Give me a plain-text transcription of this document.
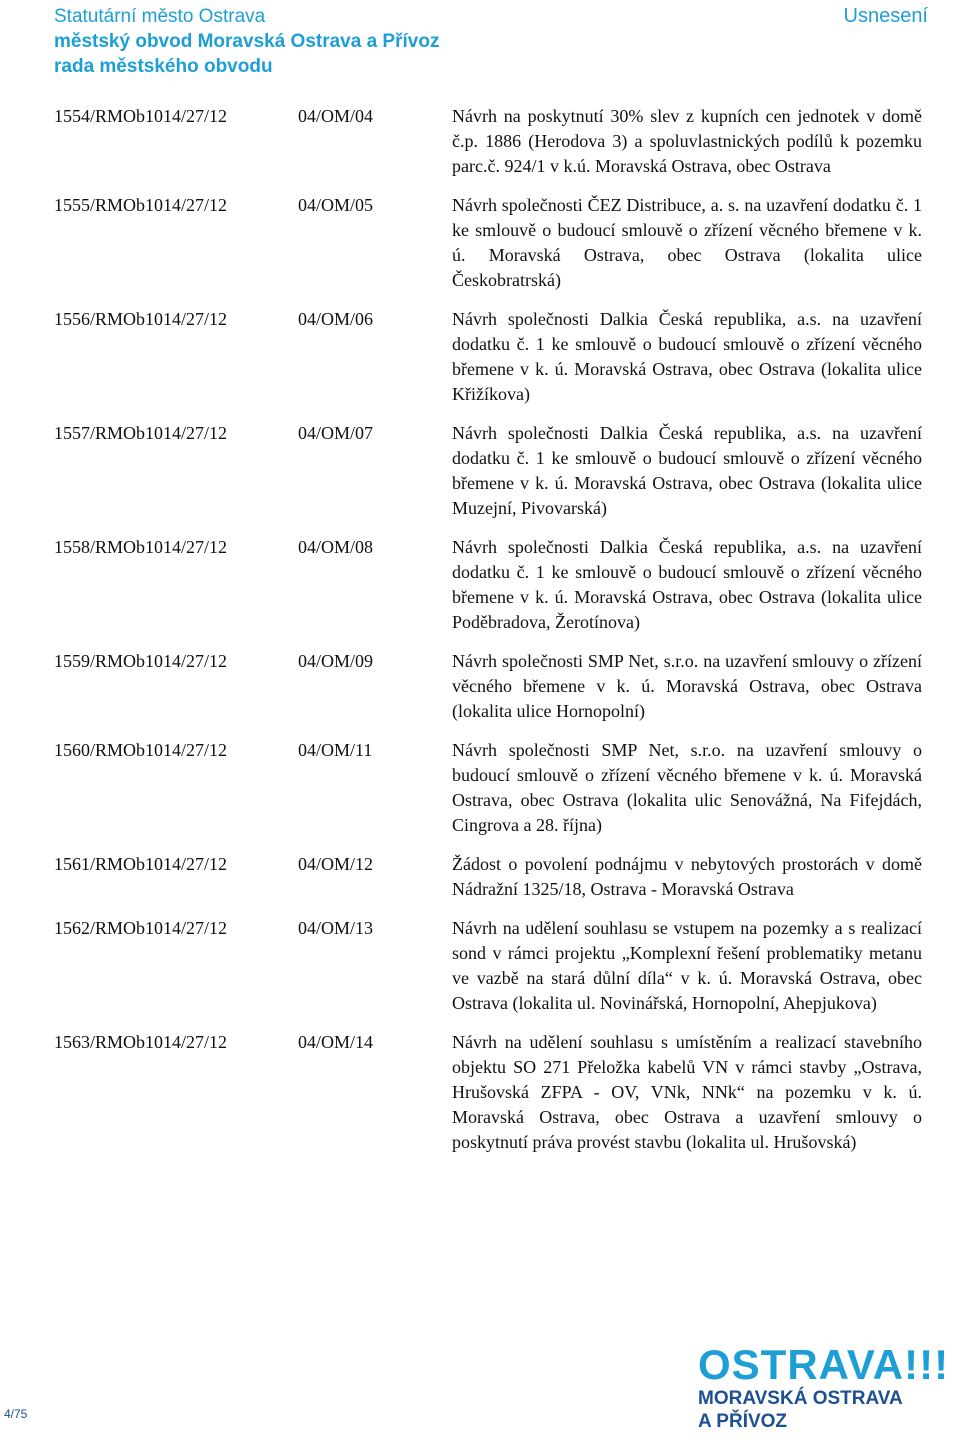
Statutární město Ostrava
městský obvod Moravská Ostrava a Přívoz
rada městského obvodu
Usnesení
1554/RMOb1014/27/12	04/OM/04	Návrh na poskytnutí 30% slev z kupních cen jednotek v domě č.p. 1886 (Herodova 3) a spoluvlastnických podílů k pozemku parc.č. 924/1 v k.ú. Moravská Ostrava, obec Ostrava
1555/RMOb1014/27/12	04/OM/05	Návrh společnosti ČEZ Distribuce, a. s. na uzavření dodatku č. 1 ke smlouvě o budoucí smlouvě o zřízení věcného břemene v k. ú. Moravská Ostrava, obec Ostrava (lokalita ulice Českobratrská)
1556/RMOb1014/27/12	04/OM/06	Návrh společnosti Dalkia Česká republika, a.s. na uzavření dodatku č. 1 ke smlouvě o budoucí smlouvě o zřízení věcného břemene v k. ú. Moravská Ostrava, obec Ostrava (lokalita ulice Křižíkova)
1557/RMOb1014/27/12	04/OM/07	Návrh společnosti Dalkia Česká republika, a.s. na uzavření dodatku č. 1 ke smlouvě o budoucí smlouvě o zřízení věcného břemene v k. ú. Moravská Ostrava, obec Ostrava (lokalita ulice Muzejní, Pivovarská)
1558/RMOb1014/27/12	04/OM/08	Návrh společnosti Dalkia Česká republika, a.s. na uzavření dodatku č. 1 ke smlouvě o budoucí smlouvě o zřízení věcného břemene v k. ú. Moravská Ostrava, obec Ostrava (lokalita ulice Poděbradova, Žerotínova)
1559/RMOb1014/27/12	04/OM/09	Návrh společnosti SMP Net, s.r.o. na uzavření smlouvy o zřízení věcného břemene v k. ú. Moravská Ostrava, obec Ostrava (lokalita ulice Hornopolní)
1560/RMOb1014/27/12	04/OM/11	Návrh společnosti SMP Net, s.r.o. na uzavření smlouvy o budoucí smlouvě o zřízení věcného břemene v k. ú. Moravská Ostrava, obec Ostrava (lokalita ulic Senovážná, Na Fifejdách, Cingrova a 28. října)
1561/RMOb1014/27/12	04/OM/12	Žádost o povolení podnájmu v nebytových prostorách v domě Nádražní 1325/18, Ostrava - Moravská Ostrava
1562/RMOb1014/27/12	04/OM/13	Návrh na udělení souhlasu se vstupem na pozemky a s realizací sond v rámci projektu „Komplexní řešení problematiky metanu ve vazbě na stará důlní díla“ v k. ú. Moravská Ostrava, obec Ostrava (lokalita ul. Novinářská, Hornopolní, Ahepjukova)
1563/RMOb1014/27/12	04/OM/14	Návrh na udělení souhlasu s umístěním a realizací stavebního objektu SO 271 Přeložka kabelů VN v rámci stavby „Ostrava, Hrušovská ZFPA - OV, VNk, NNk“ na pozemku v k. ú. Moravská Ostrava, obec Ostrava a uzavření smlouvy o poskytnutí práva provést stavbu (lokalita ul. Hrušovská)
4/75
OSTRAVA!!!
MORAVSKÁ OSTRAVA
A PŘÍVOZ
